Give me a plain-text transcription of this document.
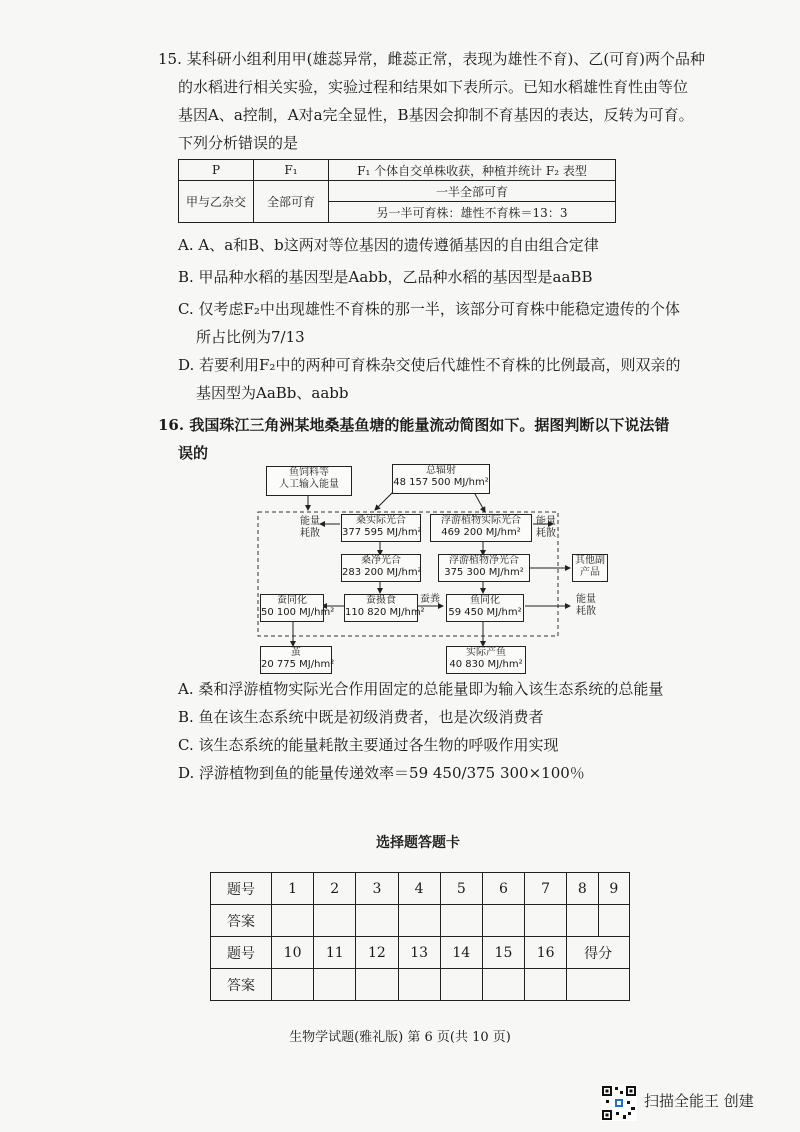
15. 某科研小组利用甲(雄蕊异常，雌蕊正常，表现为雄性不育)、乙(可育)两个品种
的水稻进行相关实验，实验过程和结果如下表所示。已知水稻雄性育性由等位
基因A、a控制，A对a完全显性，B基因会抑制不育基因的表达，反转为可育。
下列分析错误的是
P	F₁	F₁ 个体自交单株收获，种植并统计 F₂ 表型
甲与乙杂交	全部可育	一半全部可育
		另一半可育株：雄性不育株＝13：3
A. A、a和B、b这两对等位基因的遗传遵循基因的自由组合定律
B. 甲品种水稻的基因型是Aabb，乙品种水稻的基因型是aaBB
C. 仅考虑F₂中出现雄性不育株的那一半，该部分可育株中能稳定遗传的个体
所占比例为7/13
D. 若要利用F₂中的两种可育株杂交使后代雄性不育株的比例最高，则双亲的
基因型为AaBb、aabb
16. 我国珠江三角洲某地桑基鱼塘的能量流动简图如下。据图判断以下说法错
误的
鱼饲料等
人工输入能量
总辐射
48 157 500 MJ/hm²
桑实际光合
377 595 MJ/hm²
浮游植物实际光合
469 200 MJ/hm²
桑净光合
283 200 MJ/hm²
浮游植物净光合
375 300 MJ/hm²
蚕同化
50 100 MJ/hm²
蚕摄食
110 820 MJ/hm²
鱼同化
59 450 MJ/hm²
茧
20 775 MJ/hm²
实际产鱼
40 830 MJ/hm²
能量
耗散
能量
耗散
其他副
产品
能量
耗散
蚕粪
A. 桑和浮游植物实际光合作用固定的总能量即为输入该生态系统的总能量
B. 鱼在该生态系统中既是初级消费者，也是次级消费者
C. 该生态系统的能量耗散主要通过各生物的呼吸作用实现
D. 浮游植物到鱼的能量传递效率＝59 450/375 300×100％
选择题答题卡
题号	1	2	3	4	5	6	7	8	9
答案									
题号	10	11	12	13	14	15	16	得分	
答案									
生物学试题(雅礼版) 第 6 页(共 10 页)
扫描全能王 创建
